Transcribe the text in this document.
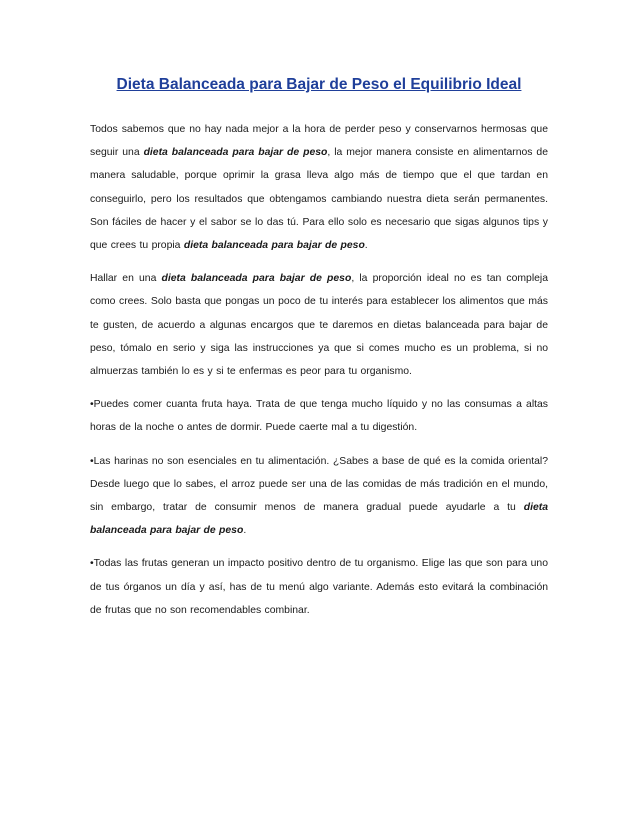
Dieta Balanceada para Bajar de Peso el Equilibrio Ideal

Todos sabemos que no hay nada mejor a la hora de perder peso y conservarnos hermosas que seguir una dieta balanceada para bajar de peso, la mejor manera consiste en alimentarnos de manera saludable, porque oprimir la grasa lleva algo más de tiempo que el que tardan en conseguirlo, pero los resultados que obtengamos cambiando nuestra dieta serán permanentes. Son fáciles de hacer y el sabor se lo das tú. Para ello solo es necesario que sigas algunos tips y que crees tu propia dieta balanceada para bajar de peso.

Hallar en una dieta balanceada para bajar de peso, la proporción ideal no es tan compleja como crees. Solo basta que pongas un poco de tu interés para establecer los alimentos que más te gusten, de acuerdo a algunas encargos que te daremos en dietas balanceada para bajar de peso, tómalo en serio y siga las instrucciones ya que si comes mucho es un problema, si no almuerzas también lo es y si te enfermas es peor para tu organismo.

•Puedes comer cuanta fruta haya. Trata de que tenga mucho líquido y no las consumas a altas horas de la noche o antes de dormir. Puede caerte mal a tu digestión.

•Las harinas no son esenciales en tu alimentación. ¿Sabes a base de qué es la comida oriental? Desde luego que lo sabes, el arroz puede ser una de las comidas de más tradición en el mundo, sin embargo, tratar de consumir menos de manera gradual puede ayudarle a tu dieta balanceada para bajar de peso.

•Todas las frutas generan un impacto positivo dentro de tu organismo. Elige las que son para uno de tus órganos un día y así, has de tu menú algo variante. Además esto evitará la combinación de frutas que no son recomendables combinar.
